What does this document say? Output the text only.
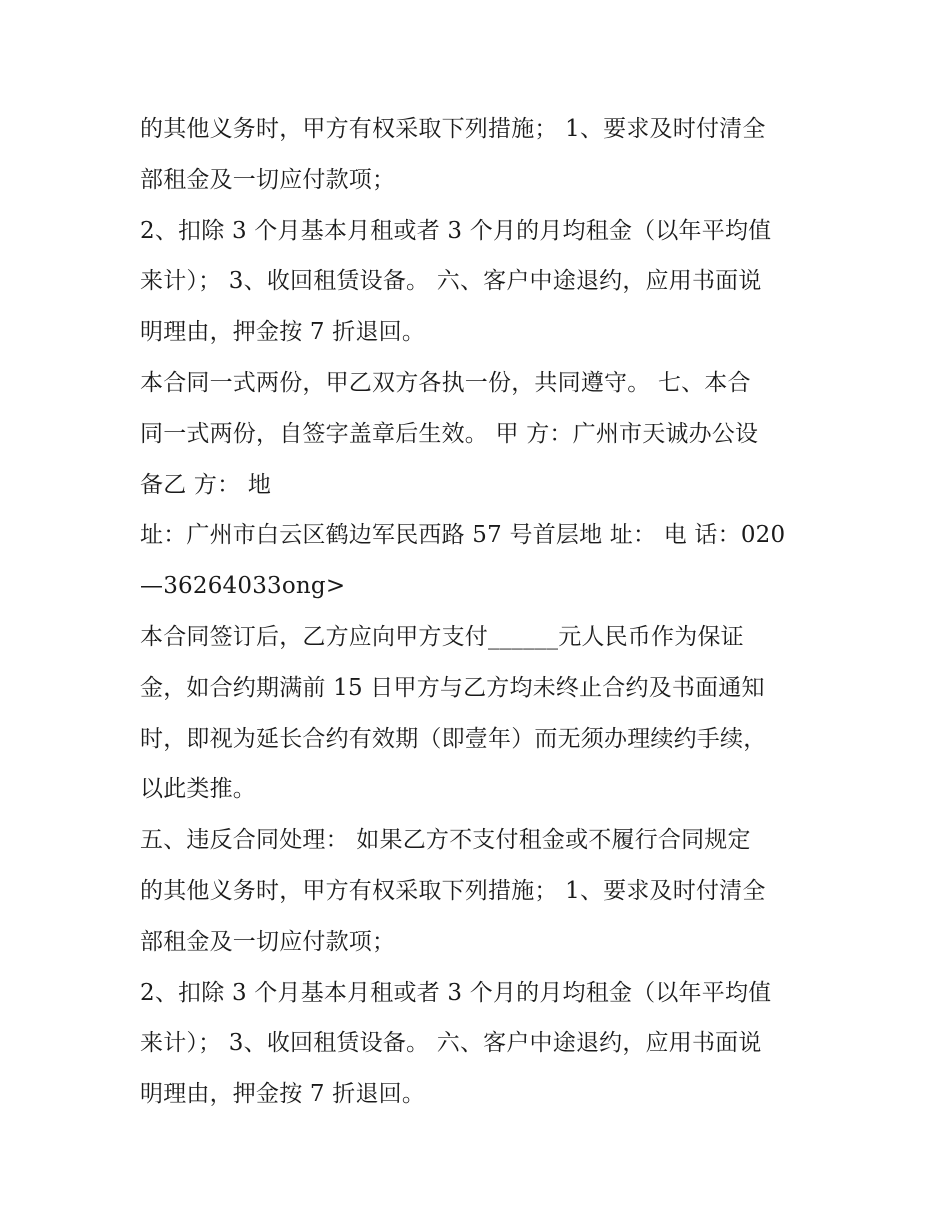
的其他义务时，甲方有权采取下列措施； 1、要求及时付清全
部租金及一切应付款项；
2、扣除 3 个月基本月租或者 3 个月的月均租金（以年平均值
来计）； 3、收回租赁设备。 六、客户中途退约，应用书面说
明理由，押金按 7 折退回。
本合同一式两份，甲乙双方各执一份，共同遵守。 七、本合
同一式两份，自签字盖章后生效。 甲 方：广州市天诚办公设
备乙 方： 地
址：广州市白云区鹤边军民西路 57 号首层地 址： 电 话：020
—36264033ong>
本合同签订后，乙方应向甲方支付______元人民币作为保证
金，如合约期满前 15 日甲方与乙方均未终止合约及书面通知
时，即视为延长合约有效期（即壹年）而无须办理续约手续，
以此类推。
五、违反合同处理： 如果乙方不支付租金或不履行合同规定
的其他义务时，甲方有权采取下列措施； 1、要求及时付清全
部租金及一切应付款项；
2、扣除 3 个月基本月租或者 3 个月的月均租金（以年平均值
来计）； 3、收回租赁设备。 六、客户中途退约，应用书面说
明理由，押金按 7 折退回。
